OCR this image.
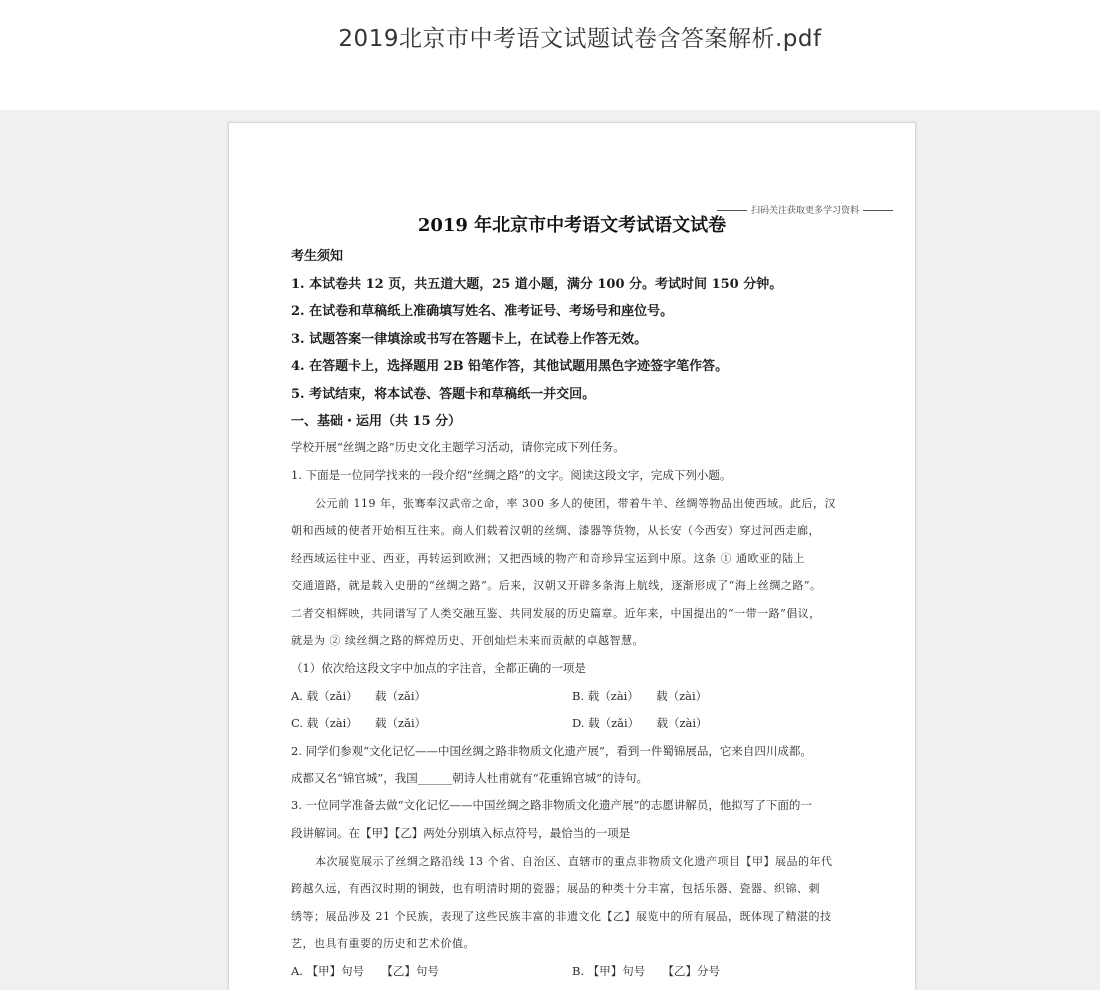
2019北京市中考语文试题试卷含答案解析.pdf
扫码关注获取更多学习资料
2019 年北京市中考语文考试语文试卷
考生须知
1. 本试卷共 12 页，共五道大题，25 道小题，满分 100 分。考试时间 150 分钟。
2. 在试卷和草稿纸上准确填写姓名、准考证号、考场号和座位号。
3. 试题答案一律填涂或书写在答题卡上，在试卷上作答无效。
4. 在答题卡上，选择题用 2B 铅笔作答，其他试题用黑色字迹签字笔作答。
5. 考试结束，将本试卷、答题卡和草稿纸一并交回。
一、基础・运用（共 15 分）
学校开展“丝绸之路”历史文化主题学习活动，请你完成下列任务。
1. 下面是一位同学找来的一段介绍“丝绸之路”的文字。阅读这段文字，完成下列小题。
公元前 119 年，张骞奉汉武帝之命，率 300 多人的使团，带着牛羊、丝绸等物品出使西域。此后，汉
朝和西域的使者开始相互往来。商人们载着汉朝的丝绸、漆器等货物，从长安（今西安）穿过河西走廊，
经西域运往中亚、西亚，再转运到欧洲；又把西域的物产和奇珍异宝运到中原。这条 ① 通欧亚的陆上
交通道路，就是载入史册的“丝绸之路”。后来，汉朝又开辟多条海上航线，逐渐形成了“海上丝绸之路”。
二者交相辉映，共同谱写了人类交融互鉴、共同发展的历史篇章。近年来，中国提出的“一带一路”倡议，
就是为 ② 续丝绸之路的辉煌历史、开创灿烂未来而贡献的卓越智慧。
（1）依次给这段文字中加点的字注音，全都正确的一项是
A. 载（zǎi）　　载（zǎi）	B. 载（zài）　　载（zài）
C. 载（zài）　　载（zǎi）	D. 载（zǎi）　　载（zài）
2. 同学们参观“文化记忆——中国丝绸之路非物质文化遗产展”，看到一件蜀锦展品，它来自四川成都。
成都又名“锦官城”，我国______朝诗人杜甫就有“花重锦官城”的诗句。
3. 一位同学准备去做“文化记忆——中国丝绸之路非物质文化遗产展”的志愿讲解员，他拟写了下面的一
段讲解词。在【甲】【乙】两处分别填入标点符号，最恰当的一项是
本次展览展示了丝绸之路沿线 13 个省、自治区、直辖市的重点非物质文化遗产项目【甲】展品的年代
跨越久远，有西汉时期的铜鼓，也有明清时期的瓷器；展品的种类十分丰富，包括乐器、瓷器、织锦、刺
绣等；展品涉及 21 个民族，表现了这些民族丰富的非遗文化【乙】展览中的所有展品，既体现了精湛的技
艺，也具有重要的历史和艺术价值。
A. 【甲】句号　　【乙】句号	B. 【甲】句号　　【乙】分号
